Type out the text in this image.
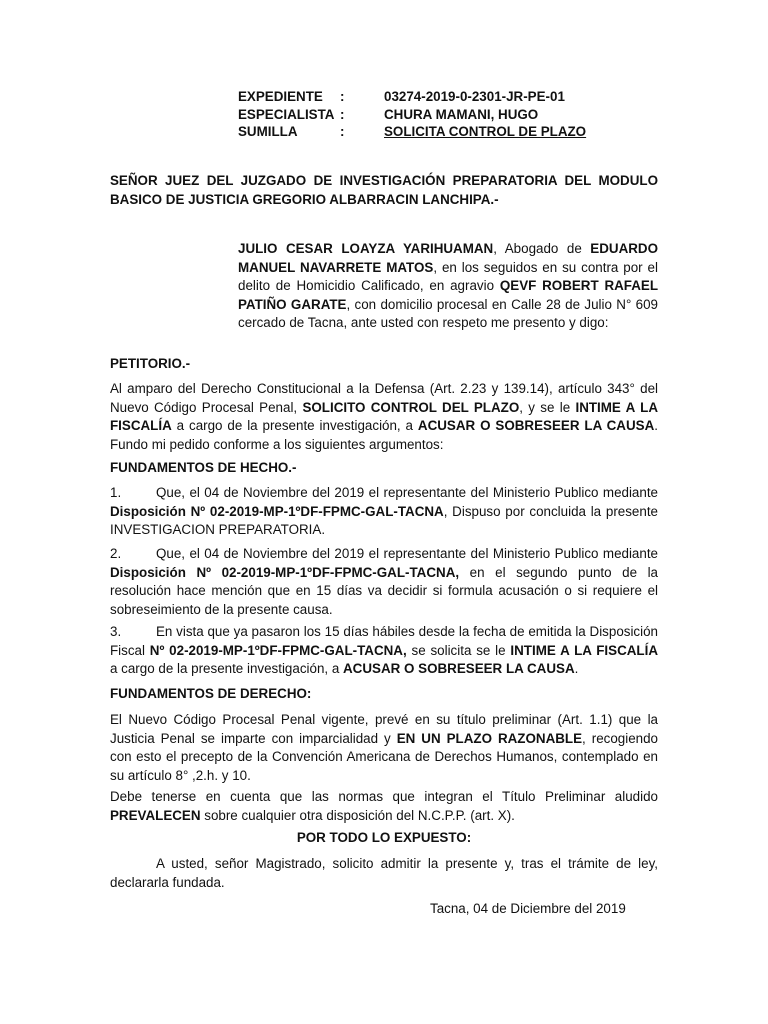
EXPEDIENTE	:	03274-2019-0-2301-JR-PE-01
ESPECIALISTA :	CHURA MAMANI, HUGO
SUMILLA	:	SOLICITA CONTROL DE PLAZO
SEÑOR JUEZ DEL JUZGADO DE INVESTIGACIÓN PREPARATORIA DEL MODULO BASICO DE JUSTICIA GREGORIO ALBARRACIN LANCHIPA.-
JULIO CESAR LOAYZA YARIHUAMAN, Abogado de EDUARDO MANUEL NAVARRETE MATOS, en los seguidos en su contra por el delito de Homicidio Calificado, en agravio QEVF ROBERT RAFAEL PATIÑO GARATE, con domicilio procesal en Calle 28 de Julio N° 609 cercado de Tacna, ante usted con respeto me presento y digo:
PETITORIO.-
Al amparo del Derecho Constitucional a la Defensa (Art. 2.23 y 139.14), artículo 343° del Nuevo Código Procesal Penal, SOLICITO CONTROL DEL PLAZO, y se le INTIME A LA FISCALÍA a cargo de la presente investigación, a ACUSAR O SOBRESEER LA CAUSA. Fundo mi pedido conforme a los siguientes argumentos:
FUNDAMENTOS DE HECHO.-
1.	Que, el 04 de Noviembre del 2019 el representante del Ministerio Publico mediante Disposición Nº 02-2019-MP-1ºDF-FPMC-GAL-TACNA, Dispuso por concluida la presente INVESTIGACION PREPARATORIA.
2.	Que, el 04 de Noviembre del 2019 el representante del Ministerio Publico mediante Disposición Nº 02-2019-MP-1ºDF-FPMC-GAL-TACNA, en el segundo punto de la resolución hace mención que en 15 días va decidir si formula acusación o si requiere el sobreseimiento de la presente causa.
3.	En vista que ya pasaron los 15 días hábiles desde la fecha de emitida la Disposición Fiscal Nº 02-2019-MP-1ºDF-FPMC-GAL-TACNA, se solicita se le INTIME A LA FISCALÍA a cargo de la presente investigación, a ACUSAR O SOBRESEER LA CAUSA.
FUNDAMENTOS DE DERECHO:
El Nuevo Código Procesal Penal vigente, prevé en su título preliminar (Art. 1.1) que la Justicia Penal se imparte con imparcialidad y EN UN PLAZO RAZONABLE, recogiendo con esto el precepto de la Convención Americana de Derechos Humanos, contemplado en su artículo 8° ,2.h. y 10.
Debe tenerse en cuenta que las normas que integran el Título Preliminar aludido PREVALECEN sobre cualquier otra disposición del N.C.P.P. (art. X).
POR TODO LO EXPUESTO:
A usted, señor Magistrado, solicito admitir la presente y, tras el trámite de ley, declararla fundada.
Tacna, 04 de Diciembre del 2019
